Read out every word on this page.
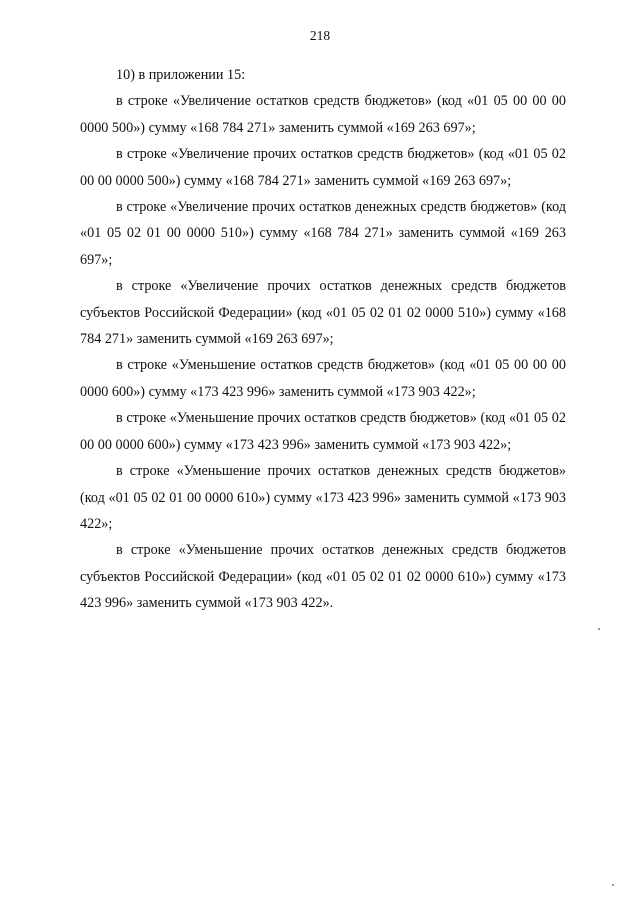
218

10) в приложении 15:

в строке «Увеличение остатков средств бюджетов» (код «01 05 00 00 00 0000 500») сумму «168 784 271» заменить суммой «169 263 697»;

в строке «Увеличение прочих остатков средств бюджетов» (код «01 05 02 00 00 0000 500») сумму «168 784 271» заменить суммой «169 263 697»;

в строке «Увеличение прочих остатков денежных средств бюджетов» (код «01 05 02 01 00 0000 510») сумму «168 784 271» заменить суммой «169 263 697»;

в строке «Увеличение прочих остатков денежных средств бюджетов субъектов Российской Федерации» (код «01 05 02 01 02 0000 510») сумму «168 784 271» заменить суммой «169 263 697»;

в строке «Уменьшение остатков средств бюджетов» (код «01 05 00 00 00 0000 600») сумму «173 423 996» заменить суммой «173 903 422»;

в строке «Уменьшение прочих остатков средств бюджетов» (код «01 05 02 00 00 0000 600») сумму «173 423 996» заменить суммой «173 903 422»;

в строке «Уменьшение прочих остатков денежных средств бюджетов» (код «01 05 02 01 00 0000 610») сумму «173 423 996» заменить суммой «173 903 422»;

в строке «Уменьшение прочих остатков денежных средств бюджетов субъектов Российской Федерации» (код «01 05 02 01 02 0000 610») сумму «173 423 996» заменить суммой «173 903 422».
